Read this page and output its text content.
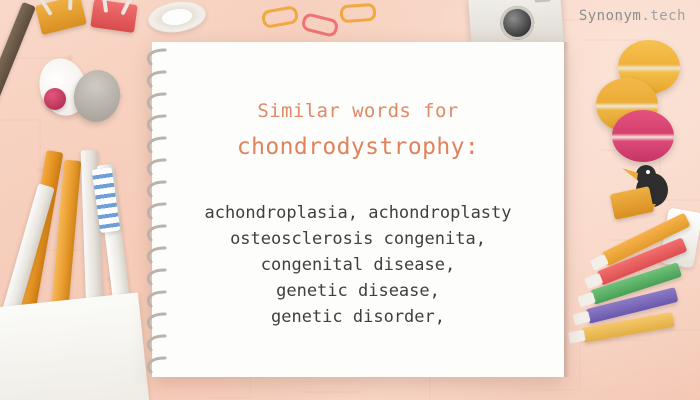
Synonym.tech
Similar words for
chondrodystrophy:
achondroplasia, achondroplasty
osteosclerosis congenita,
congenital disease,
genetic disease,
genetic disorder,
